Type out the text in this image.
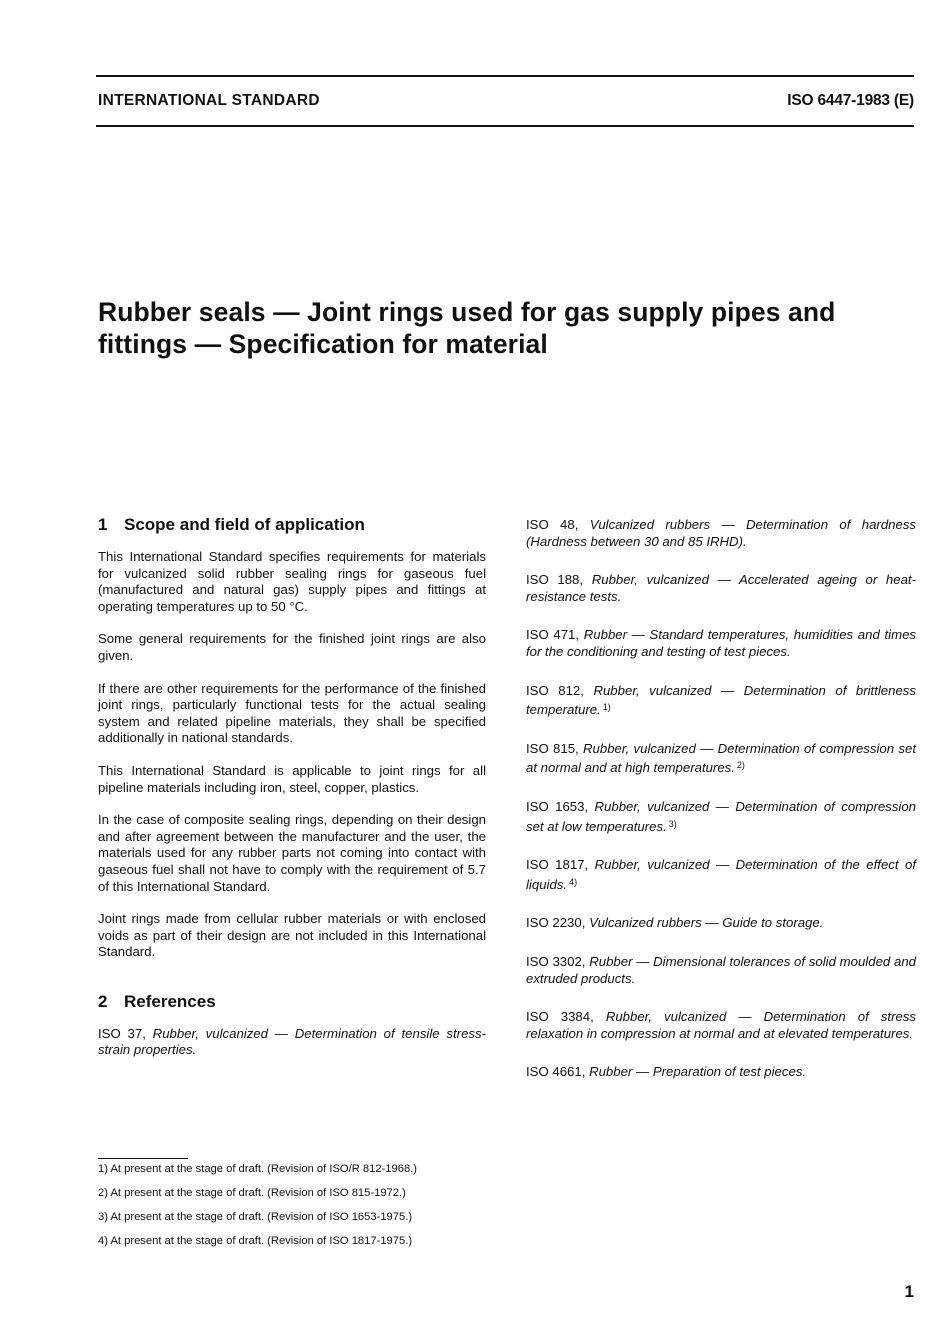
INTERNATIONAL STANDARD	ISO 6447-1983 (E)
Rubber seals — Joint rings used for gas supply pipes and
fittings — Specification for material
1 Scope and field of application

This International Standard specifies requirements for materials for vulcanized solid rubber sealing rings for gaseous fuel (manufactured and natural gas) supply pipes and fittings at operating temperatures up to 50 °C.

Some general requirements for the finished joint rings are also given.

If there are other requirements for the performance of the finished joint rings, particularly functional tests for the actual sealing system and related pipeline materials, they shall be specified additionally in national standards.

This International Standard is applicable to joint rings for all pipeline materials including iron, steel, copper, plastics.

In the case of composite sealing rings, depending on their design and after agreement between the manufacturer and the user, the materials used for any rubber parts not coming into contact with gaseous fuel shall not have to comply with the requirement of 5.7 of this International Standard.

Joint rings made from cellular rubber materials or with enclosed voids as part of their design are not included in this International Standard.

2 References

ISO 37, Rubber, vulcanized — Determination of tensile stress-strain properties.

ISO 48, Vulcanized rubbers — Determination of hardness (Hardness between 30 and 85 IRHD).

ISO 188, Rubber, vulcanized — Accelerated ageing or heat-resistance tests.

ISO 471, Rubber — Standard temperatures, humidities and times for the conditioning and testing of test pieces.

ISO 812, Rubber, vulcanized — Determination of brittleness temperature. $^{1)}$

ISO 815, Rubber, vulcanized — Determination of compression set at normal and at high temperatures. $^{2)}$

ISO 1653, Rubber, vulcanized — Determination of compression set at low temperatures. $^{3)}$

ISO 1817, Rubber, vulcanized — Determination of the effect of liquids. $^{4)}$

ISO 2230, Vulcanized rubbers — Guide to storage.

ISO 3302, Rubber — Dimensional tolerances of solid moulded and extruded products.

ISO 3384, Rubber, vulcanized — Determination of stress relaxation in compression at normal and at elevated temperatures.

ISO 4661, Rubber — Preparation of test pieces.

1) At present at the stage of draft. (Revision of ISO/R 812-1968.)

2) At present at the stage of draft. (Revision of ISO 815-1972.)

3) At present at the stage of draft. (Revision of ISO 1653-1975.)

4) At present at the stage of draft. (Revision of ISO 1817-1975.)

1
